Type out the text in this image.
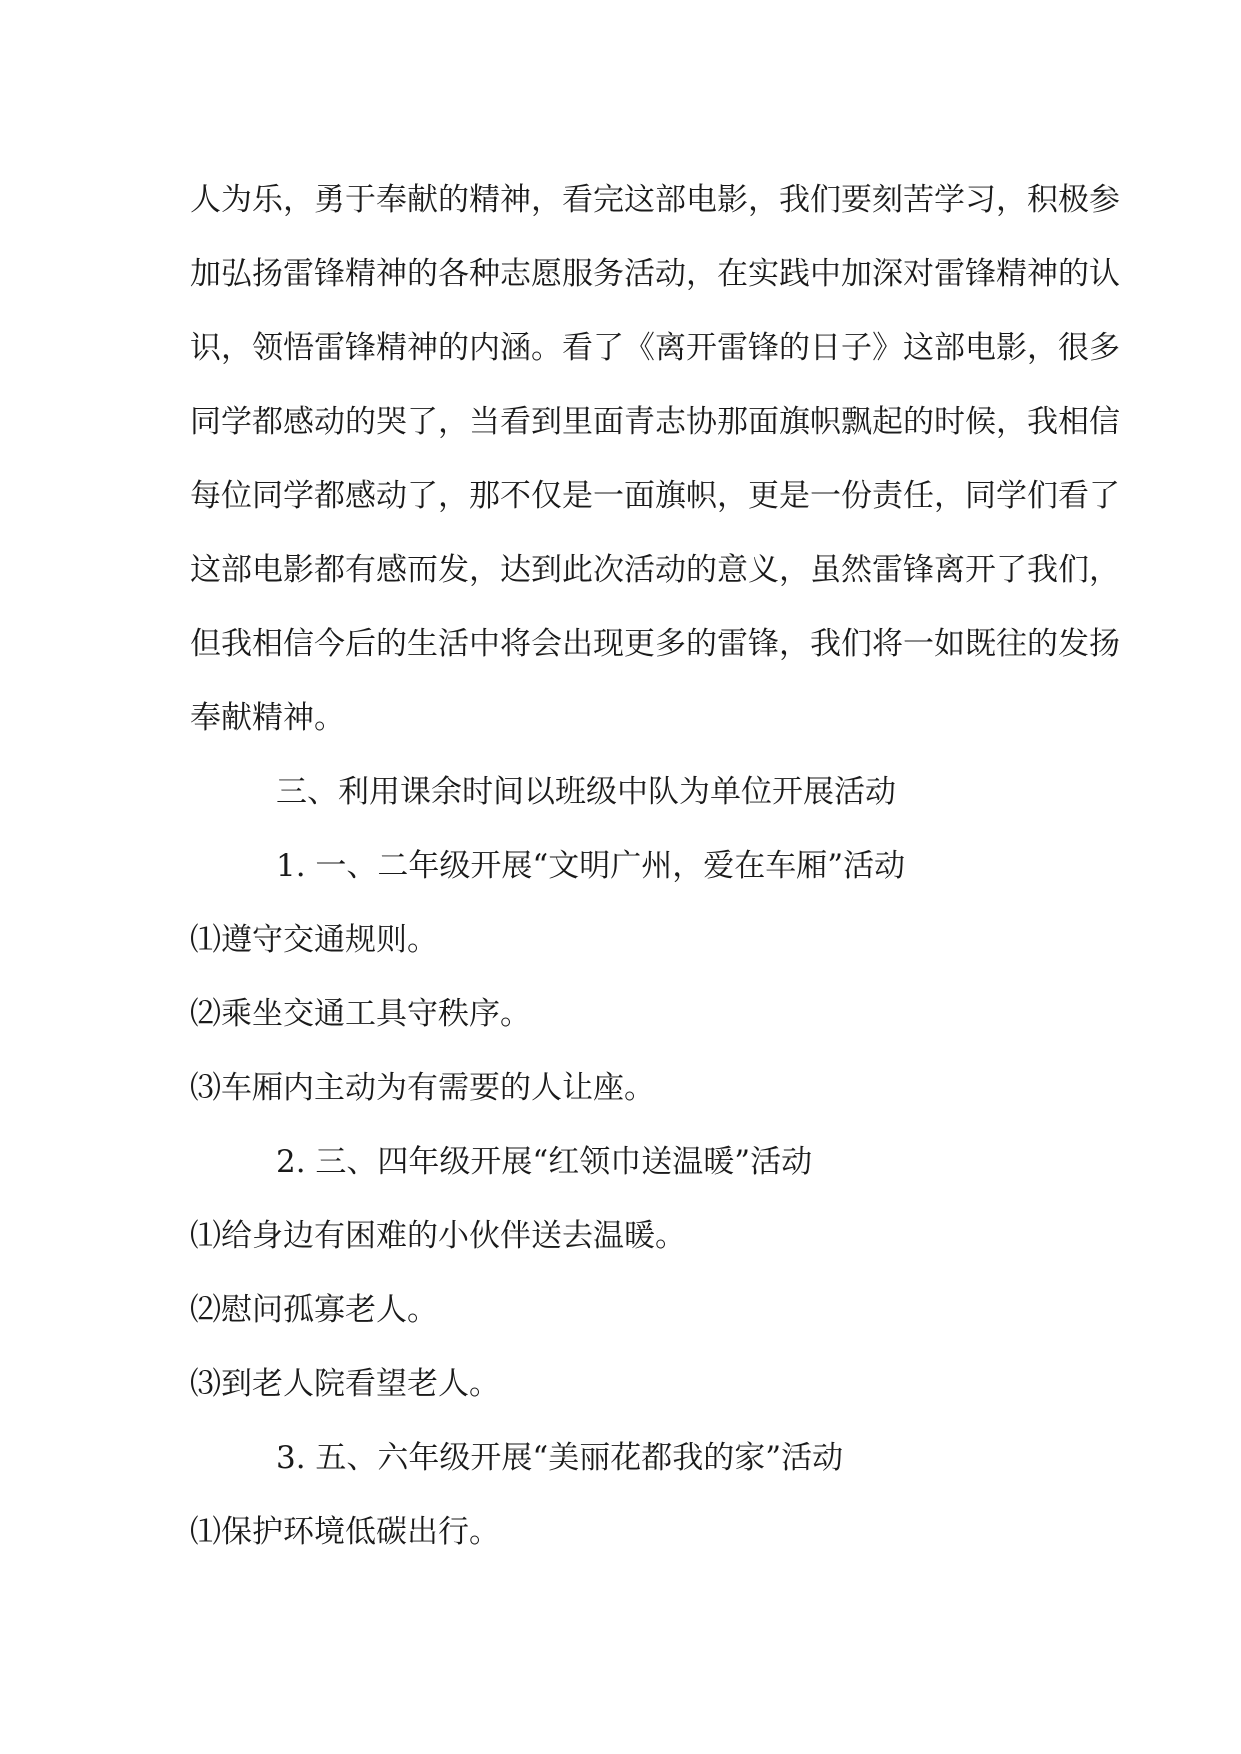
人为乐，勇于奉献的精神，看完这部电影，我们要刻苦学习，积极参
加弘扬雷锋精神的各种志愿服务活动，在实践中加深对雷锋精神的认
识，领悟雷锋精神的内涵。看了《离开雷锋的日子》这部电影，很多
同学都感动的哭了，当看到里面青志协那面旗帜飘起的时候，我相信
每位同学都感动了，那不仅是一面旗帜，更是一份责任，同学们看了
这部电影都有感而发，达到此次活动的意义，虽然雷锋离开了我们，
但我相信今后的生活中将会出现更多的雷锋，我们将一如既往的发扬
奉献精神。
三、利用课余时间以班级中队为单位开展活动
1. 一、二年级开展“文明广州，爱在车厢”活动
⑴遵守交通规则。
⑵乘坐交通工具守秩序。
⑶车厢内主动为有需要的人让座。
2. 三、四年级开展“红领巾送温暖”活动
⑴给身边有困难的小伙伴送去温暖。
⑵慰问孤寡老人。
⑶到老人院看望老人。
3. 五、六年级开展“美丽花都我的家”活动
⑴保护环境低碳出行。
